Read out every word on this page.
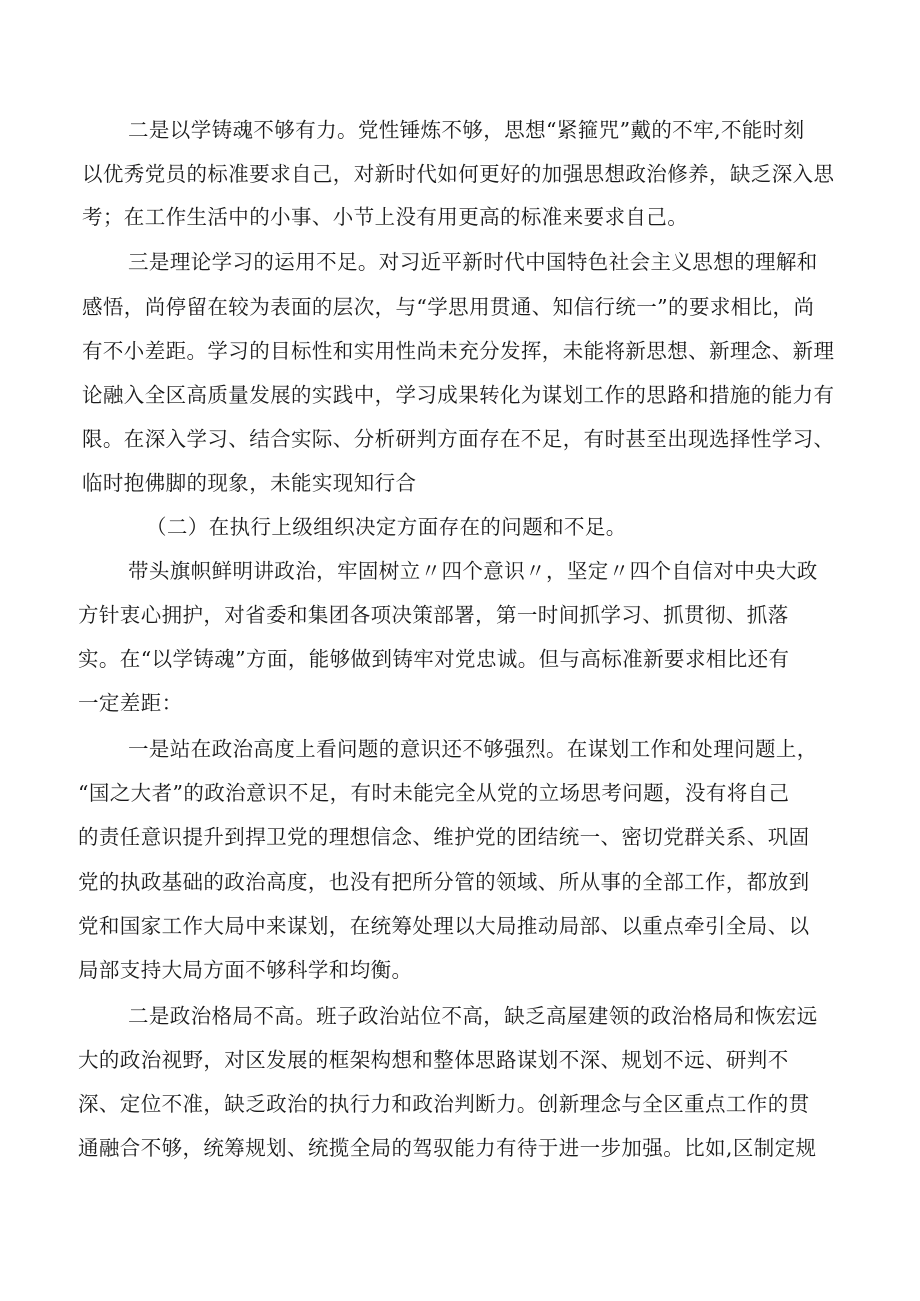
二是以学铸魂不够有力。党性锤炼不够，思想“紧箍咒”戴的不牢,不能时刻
以优秀党员的标准要求自己，对新时代如何更好的加强思想政治修养，缺乏深入思
考；在工作生活中的小事、小节上没有用更高的标准来要求自己。
三是理论学习的运用不足。对习近平新时代中国特色社会主义思想的理解和
感悟，尚停留在较为表面的层次，与“学思用贯通、知信行统一”的要求相比，尚
有不小差距。学习的目标性和实用性尚未充分发挥，未能将新思想、新理念、新理
论融入全区高质量发展的实践中，学习成果转化为谋划工作的思路和措施的能力有
限。在深入学习、结合实际、分析研判方面存在不足，有时甚至出现选择性学习、
临时抱佛脚的现象，未能实现知行合
（二）在执行上级组织决定方面存在的问题和不足。
带头旗帜鲜明讲政治，牢固树立〃四个意识〃，坚定〃四个自信对中央大政
方针衷心拥护，对省委和集团各项决策部署，第一时间抓学习、抓贯彻、抓落
实。在“以学铸魂”方面，能够做到铸牢对党忠诚。但与高标准新要求相比还有
一定差距：
一是站在政治高度上看问题的意识还不够强烈。在谋划工作和处理问题上，
“国之大者”的政治意识不足，有时未能完全从党的立场思考问题，没有将自己
的责任意识提升到捍卫党的理想信念、维护党的团结统一、密切党群关系、巩固
党的执政基础的政治高度，也没有把所分管的领域、所从事的全部工作，都放到
党和国家工作大局中来谋划，在统筹处理以大局推动局部、以重点牵引全局、以
局部支持大局方面不够科学和均衡。
二是政治格局不高。班子政治站位不高，缺乏高屋建领的政治格局和恢宏远
大的政治视野，对区发展的框架构想和整体思路谋划不深、规划不远、研判不
深、定位不准，缺乏政治的执行力和政治判断力。创新理念与全区重点工作的贯
通融合不够，统筹规划、统揽全局的驾驭能力有待于进一步加强。比如,区制定规
